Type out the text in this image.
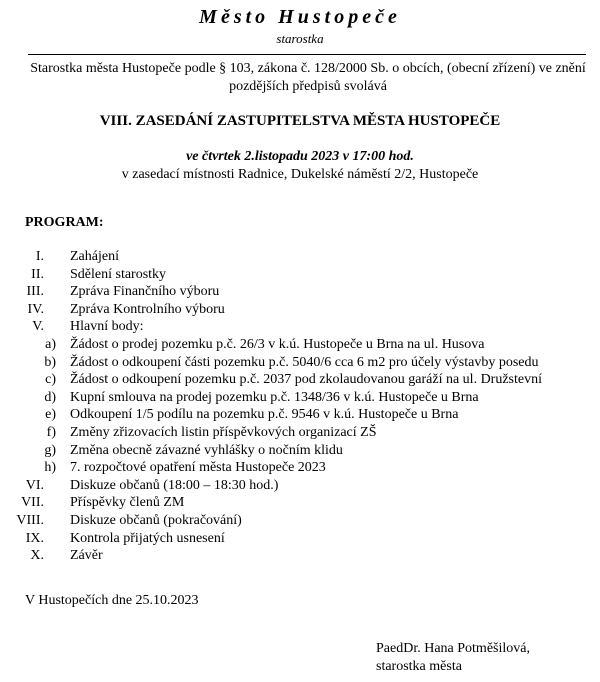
Město Hustopeče
starostka
Starostka města Hustopeče podle § 103, zákona č. 128/2000 Sb. o obcích, (obecní zřízení) ve znění pozdějších předpisů svolává
VIII. ZASEDÁNÍ ZASTUPITELSTVA MĚSTA HUSTOPEČE
ve čtvrtek 2.listopadu 2023 v 17:00 hod.
v zasedací místnosti Radnice, Dukelské náměstí 2/2, Hustopeče
PROGRAM:
I. Zahájení
II. Sdělení starostky
III. Zpráva Finančního výboru
IV. Zpráva Kontrolního výboru
V. Hlavní body:
a) Žádost o prodej pozemku p.č. 26/3 v k.ú. Hustopeče u Brna na ul. Husova
b) Žádost o odkoupení části pozemku p.č. 5040/6 cca 6 m2 pro účely výstavby posedu
c) Žádost o odkoupení pozemku p.č. 2037 pod zkolaudovanou garáží na ul. Družstevní
d) Kupní smlouva na prodej pozemku p.č. 1348/36 v k.ú. Hustopeče u Brna
e) Odkoupení 1/5 podílu na pozemku p.č. 9546 v k.ú. Hustopeče u Brna
f) Změny zřizovacích listin příspěvkových organizací ZŠ
g) Změna obecně závazné vyhlášky o nočním klidu
h) 7. rozpočtové opatření města Hustopeče 2023
VI. Diskuze občanů (18:00 – 18:30 hod.)
VII. Příspěvky členů ZM
VIII. Diskuze občanů (pokračování)
IX. Kontrola přijatých usnesení
X. Závěr
V Hustopečích dne 25.10.2023
PaedDr. Hana Potměšilová,
starostka města
